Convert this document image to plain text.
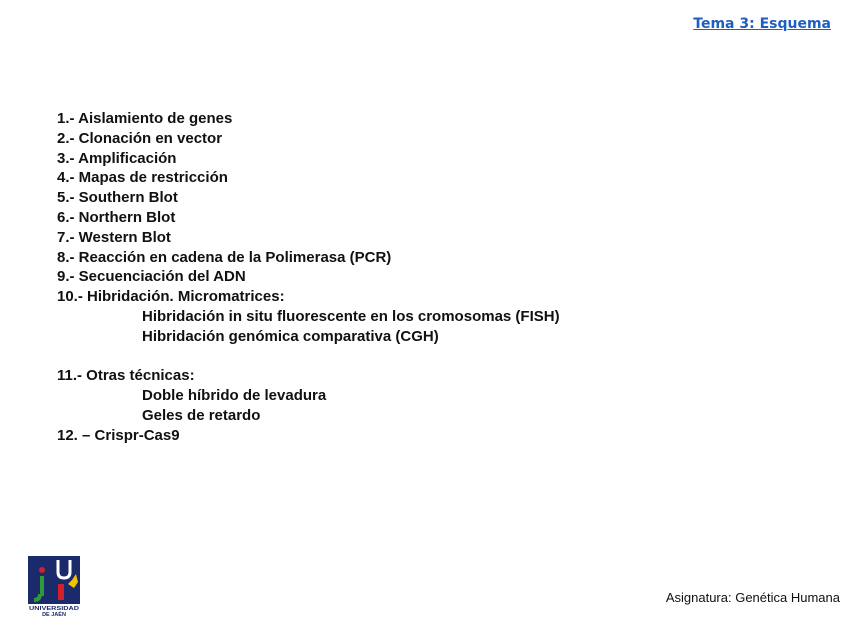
Tema 3: Esquema
1.- Aislamiento de genes
2.- Clonación en vector
3.- Amplificación
4.- Mapas de restricción
5.- Southern Blot
6.- Northern Blot
7.- Western Blot
8.- Reacción en cadena de la Polimerasa (PCR)
9.- Secuenciación del ADN
10.- Hibridación. Micromatrices:
Hibridación in situ fluorescente en los cromosomas (FISH)
Hibridación genómica comparativa (CGH)
11.- Otras técnicas:
Doble híbrido de levadura
Geles de retardo
12. – Crispr-Cas9
UNIVERSIDAD
DE JAÉN
Asignatura: Genética Humana
